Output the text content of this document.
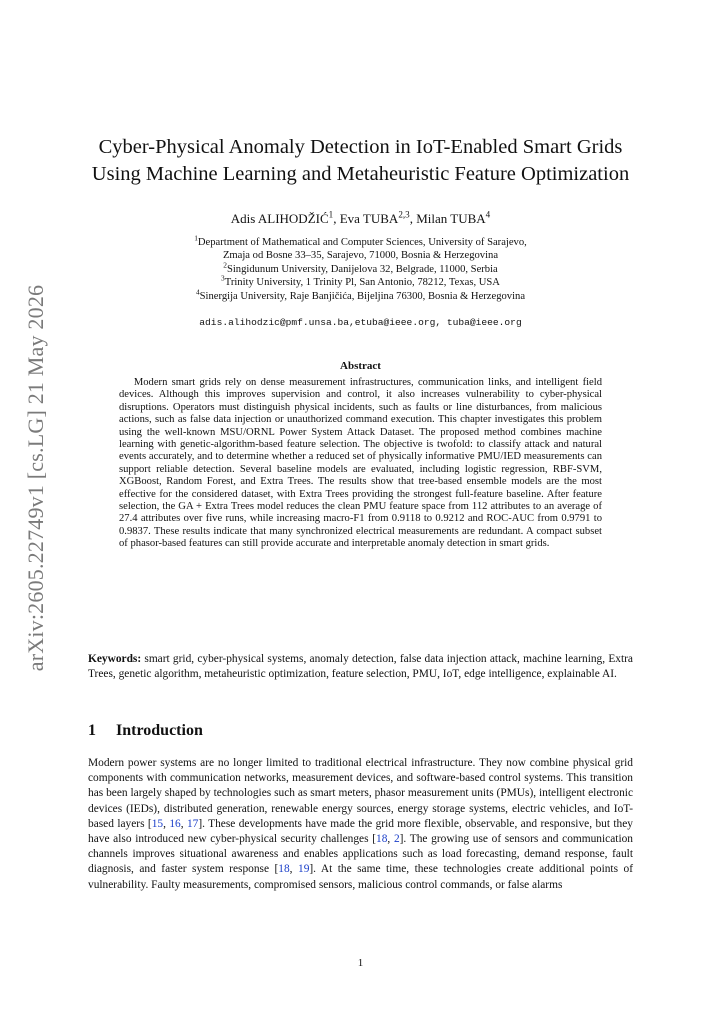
arXiv:2605.22749v1 [cs.LG] 21 May 2026
Cyber-Physical Anomaly Detection in IoT-Enabled Smart Grids
Using Machine Learning and Metaheuristic Feature Optimization
Adis ALIHODŽIĆ$^1$, Eva TUBA$^{2,3}$, Milan TUBA$^4$
$^1$Department of Mathematical and Computer Sciences, University of Sarajevo,
Zmaja od Bosne 33–35, Sarajevo, 71000, Bosnia & Herzegovina
$^2$Singidunum University, Danijelova 32, Belgrade, 11000, Serbia
$^3$Trinity University, 1 Trinity Pl, San Antonio, 78212, Texas, USA
$^4$Sinergija University, Raje Banjičića, Bijeljina 76300, Bosnia & Herzegovina
adis.alihodzic@pmf.unsa.ba,etuba@ieee.org, tuba@ieee.org
Abstract

Modern smart grids rely on dense measurement infrastructures, communication links, and intelligent field devices. Although this improves supervision and control, it also increases vulnerability to cyber-physical disruptions. Operators must distinguish physical incidents, such as faults or line disturbances, from malicious actions, such as false data injection or unauthorized command execution. This chapter investigates this problem using the well-known MSU/ORNL Power System Attack Dataset. The proposed method combines machine learning with genetic-algorithm-based feature selection. The objective is twofold: to classify attack and natural events accurately, and to determine whether a reduced set of physically informative PMU/IED measurements can support reliable detection. Several baseline models are evaluated, including logistic regression, RBF-SVM, XGBoost, Random Forest, and Extra Trees. The results show that tree-based ensemble models are the most effective for the considered dataset, with Extra Trees providing the strongest full-feature baseline. After feature selection, the GA + Extra Trees model reduces the clean PMU feature space from 112 attributes to an average of 27.4 attributes over five runs, while increasing macro-F1 from 0.9118 to 0.9212 and ROC-AUC from 0.9791 to 0.9837. These results indicate that many synchronized electrical measurements are redundant. A compact subset of phasor-based features can still provide accurate and interpretable anomaly detection in smart grids.

Keywords: smart grid, cyber-physical systems, anomaly detection, false data injection attack, machine learning, Extra Trees, genetic algorithm, metaheuristic optimization, feature selection, PMU, IoT, edge intelligence, explainable AI.

1 Introduction

Modern power systems are no longer limited to traditional electrical infrastructure. They now combine physical grid components with communication networks, measurement devices, and software-based control systems. This transition has been largely shaped by technologies such as smart meters, phasor measurement units (PMUs), intelligent electronic devices (IEDs), distributed generation, renewable energy sources, energy storage systems, electric vehicles, and IoT-based layers [15, 16, 17]. These developments have made the grid more flexible, observable, and responsive, but they have also introduced new cyber-physical security challenges [18, 2]. The growing use of sensors and communication channels improves situational awareness and enables applications such as load forecasting, demand response, fault diagnosis, and faster system response [18, 19]. At the same time, these technologies create additional points of vulnerability. Faulty measurements, compromised sensors, malicious control commands, or false alarms

1
